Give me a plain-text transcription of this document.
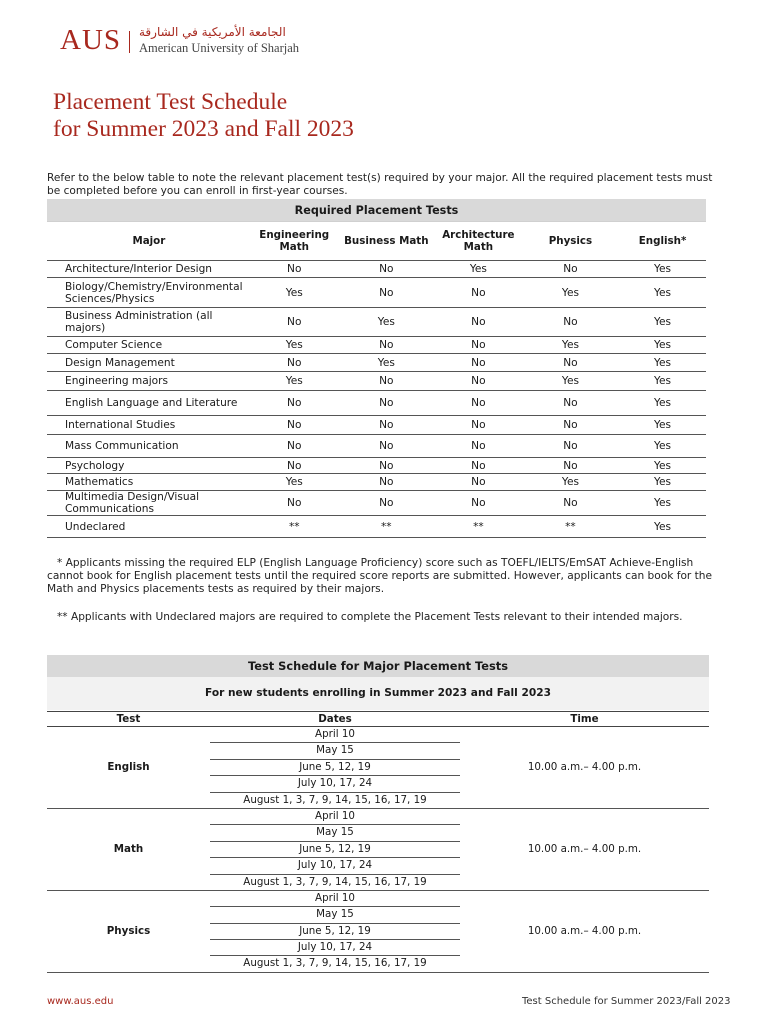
AUS الجامعة الأمريكية في الشارقة
American University of Sharjah
Placement Test Schedule
for Summer 2023 and Fall 2023
Refer to the below table to note the relevant placement test(s) required by your major. All the required placement tests must be completed before you can enroll in first-year courses.
Required Placement Tests					
Major	Engineering Math	Business Math	Architecture Math	Physics	English*
Architecture/Interior Design	No	No	Yes	No	Yes
Biology/Chemistry/Environmental Sciences/Physics	Yes	No	No	Yes	Yes
Business Administration (all majors)	No	Yes	No	No	Yes
Computer Science	Yes	No	No	Yes	Yes
Design Management	No	Yes	No	No	Yes
Engineering majors	Yes	No	No	Yes	Yes
English Language and Literature	No	No	No	No	Yes
International Studies	No	No	No	No	Yes
Mass Communication	No	No	No	No	Yes
Psychology	No	No	No	No	Yes
Mathematics	Yes	No	No	Yes	Yes
Multimedia Design/Visual Communications	No	No	No	No	Yes
Undeclared	**	**	**	**	Yes
* Applicants missing the required ELP (English Language Proficiency) score such as TOEFL/IELTS/EmSAT Achieve-English cannot book for English placement tests until the required score reports are submitted. However, applicants can book for the Math and Physics placements tests as required by their majors.
** Applicants with Undeclared majors are required to complete the Placement Tests relevant to their intended majors.
Test Schedule for Major Placement Tests
For new students enrolling in Summer 2023 and Fall 2023
Test	Dates	Time
English	April 10
May 15
June 5, 12, 19
July 10, 17, 24
August 1, 3, 7, 9, 14, 15, 16, 17, 19	10.00 a.m.– 4.00 p.m.
Math	April 10
May 15
June 5, 12, 19
July 10, 17, 24
August 1, 3, 7, 9, 14, 15, 16, 17, 19	10.00 a.m.– 4.00 p.m.
Physics	April 10
May 15
June 5, 12, 19
July 10, 17, 24
August 1, 3, 7, 9, 14, 15, 16, 17, 19	10.00 a.m.– 4.00 p.m.
www.aus.edu	Test Schedule for Summer 2023/Fall 2023
